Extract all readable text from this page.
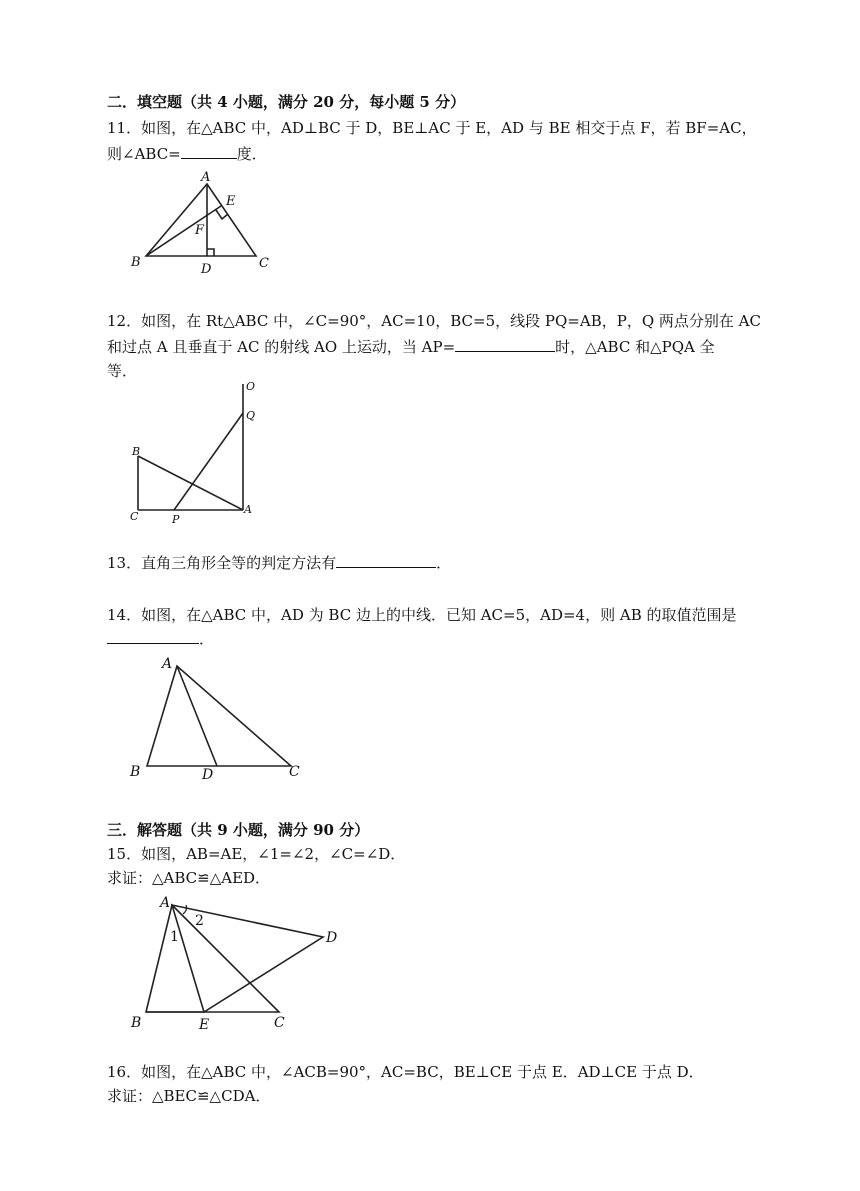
二．填空题（共 4 小题，满分 20 分，每小题 5 分）
11．如图，在△ABC 中，AD⊥BC 于 D，BE⊥AC 于 E，AD 与 BE 相交于点 F，若 BF=AC，
则∠ABC=	度．
A
B	C
D
E
F
12．如图，在 Rt△ABC 中，∠C=90°，AC=10，BC=5，线段 PQ=AB，P，Q 两点分别在 AC
和过点 A 且垂直于 AC 的射线 AO 上运动，当 AP=	时，△ABC 和△PQA 全
等．
O
Q
B
C	P
A
13．直角三角形全等的判定方法有	．
14．如图，在△ABC 中，AD 为 BC 边上的中线．已知 AC=5，AD=4，则 AB 的取值范围是
．
A
B	D	C
三．解答题（共 9 小题，满分 90 分）
15．如图，AB=AE，∠1=∠2，∠C=∠D．
求证：△ABC≌△AED．
A
B	E	C
D
1
2
16．如图，在△ABC 中，∠ACB=90°，AC=BC，BE⊥CE 于点 E．AD⊥CE 于点 D．
求证：△BEC≌△CDA．
